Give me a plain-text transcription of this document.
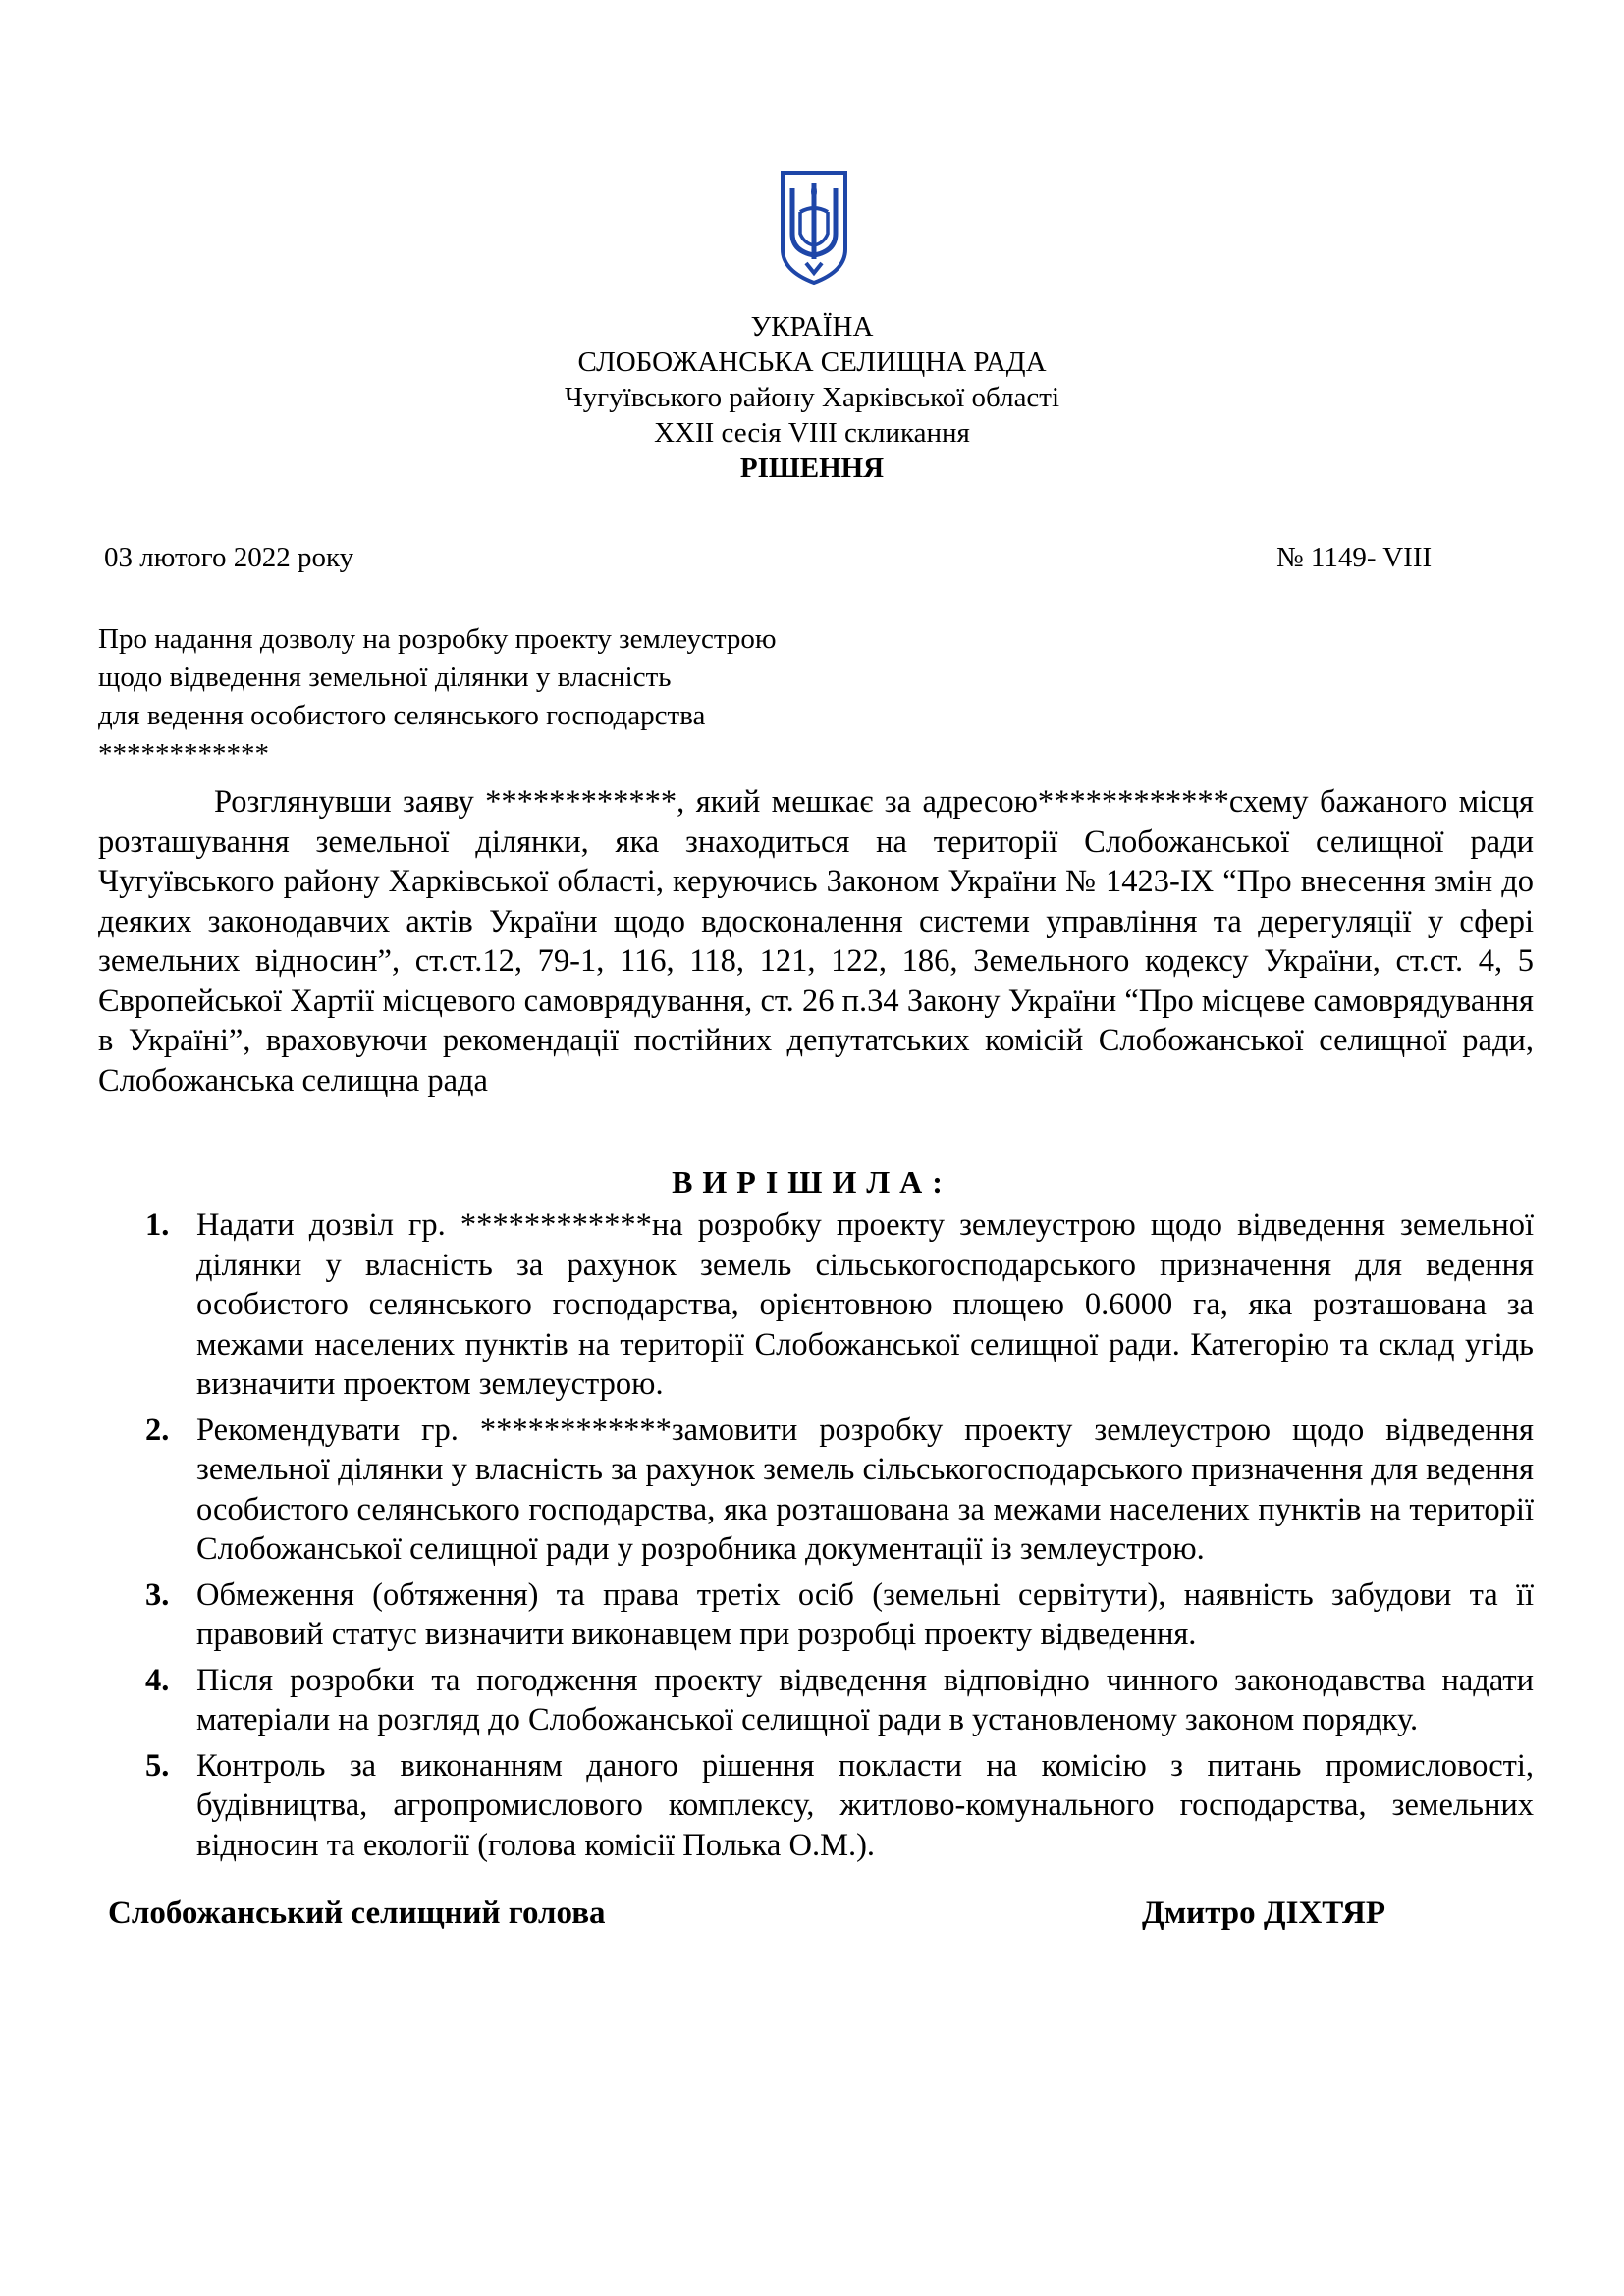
УКРАЇНА
СЛОБОЖАНСЬКА СЕЛИЩНА РАДА
Чугуївського району Харківської області
XXII сесія VIII скликання
РІШЕННЯ
03 лютого 2022 року	№ 1149- VIII
Про надання дозволу на розробку проекту землеустрою
щодо відведення земельної ділянки у власність
для ведення особистого селянського господарства
************

Розглянувши заяву ************, який мешкає за адресою************схему бажаного місця розташування земельної ділянки, яка знаходиться на території Слобожанської селищної ради Чугуївського району Харківської області, керуючись Законом України № 1423-IX “Про внесення змін до деяких законодавчих актів України щодо вдосконалення системи управління та дерегуляції у сфері земельних відносин”, ст.ст.12, 79-1, 116, 118, 121, 122, 186, Земельного кодексу України, ст.ст. 4, 5 Європейської Хартії місцевого самоврядування, ст. 26 п.34 Закону України “Про місцеве самоврядування в Україні”, враховуючи рекомендації постійних депутатських комісій Слобожанської селищної ради, Слобожанська селищна рада

ВИРІШИЛА:
1. Надати дозвіл гр. ************на розробку проекту землеустрою щодо відведення земельної ділянки у власність за рахунок земель сільськогосподарського призначення для ведення особистого селянського господарства, орієнтовною площею 0.6000 га, яка розташована за межами населених пунктів на території Слобожанської селищної ради. Категорію та склад угідь визначити проектом землеустрою.
2. Рекомендувати гр. ************замовити розробку проекту землеустрою щодо відведення земельної ділянки у власність за рахунок земель сільськогосподарського призначення для ведення особистого селянського господарства, яка розташована за межами населених пунктів на території Слобожанської селищної ради у розробника документації із землеустрою.
3. Обмеження (обтяження) та права третіх осіб (земельні сервітути), наявність забудови та її правовий статус визначити виконавцем при розробці проекту відведення.
4. Після розробки та погодження проекту відведення відповідно чинного законодавства надати матеріали на розгляд до Слобожанської селищної ради в установленому законом порядку.
5. Контроль за виконанням даного рішення покласти на комісію з питань промисловості, будівництва, агропромислового комплексу, житлово-комунального господарства, земельних відносин та екології (голова комісії Полька О.М.).
Слобожанський селищний голова	Дмитро ДІХТЯР
